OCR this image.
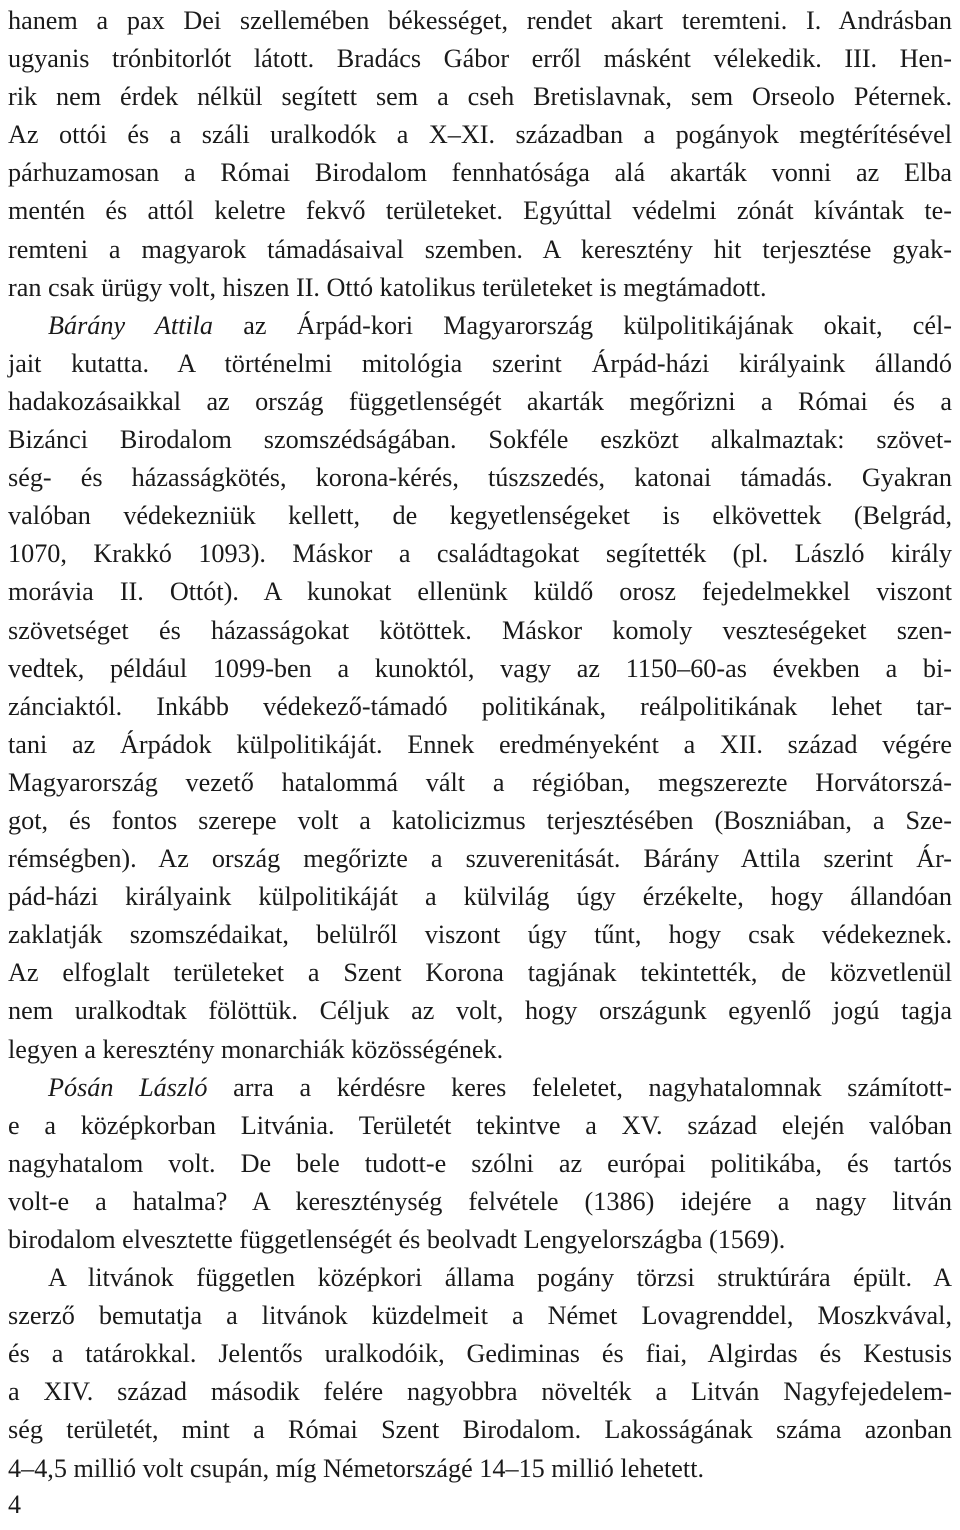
hanem a pax Dei szellemében békességet, rendet akart teremteni. I. Andrásban
ugyanis trónbitorlót látott. Bradács Gábor erről másként vélekedik. III. Hen-
rik nem érdek nélkül segített sem a cseh Bretislavnak, sem Orseolo Péternek.
Az ottói és a száli uralkodók a X–XI. században a pogányok megtérítésével
párhuzamosan a Római Birodalom fennhatósága alá akarták vonni az Elba
mentén és attól keletre fekvő területeket. Egyúttal védelmi zónát kívántak te-
remteni a magyarok támadásaival szemben. A keresztény hit terjesztése gyak-
ran csak ürügy volt, hiszen II. Ottó katolikus területeket is megtámadott.

Bárány Attila az Árpád-kori Magyarország külpolitikájának okait, cél-
jait kutatta. A történelmi mitológia szerint Árpád-házi királyaink állandó
hadakozásaikkal az ország függetlenségét akarták megőrizni a Római és a
Bizánci Birodalom szomszédságában. Sokféle eszközt alkalmaztak: szövet-
ség- és házasságkötés, korona-kérés, túszszedés, katonai támadás. Gyakran
valóban védekezniük kellett, de kegyetlenségeket is elkövettek (Belgrád,
1070, Krakkó 1093). Máskor a családtagokat segítették (pl. László király
morávia II. Ottót). A kunokat ellenünk küldő orosz fejedelmekkel viszont
szövetséget és házasságokat kötöttek. Máskor komoly veszteségeket szen-
vedtek, például 1099-ben a kunoktól, vagy az 1150–60-as években a bi-
zánciaktól. Inkább védekező-támadó politikának, reálpolitikának lehet tar-
tani az Árpádok külpolitikáját. Ennek eredményeként a XII. század végére
Magyarország vezető hatalommá vált a régióban, megszerezte Horvátorszá-
got, és fontos szerepe volt a katolicizmus terjesztésében (Boszniában, a Sze-
rémségben). Az ország megőrizte a szuverenitását. Bárány Attila szerint Ár-
pád-házi királyaink külpolitikáját a külvilág úgy érzékelte, hogy állandóan
zaklatják szomszédaikat, belülről viszont úgy tűnt, hogy csak védekeznek.
Az elfoglalt területeket a Szent Korona tagjának tekintették, de közvetlenül
nem uralkodtak fölöttük. Céljuk az volt, hogy országunk egyenlő jogú tagja
legyen a keresztény monarchiák közösségének.

Pósán László arra a kérdésre keres feleletet, nagyhatalomnak számított-
e a középkorban Litvánia. Területét tekintve a XV. század elején valóban
nagyhatalom volt. De bele tudott-e szólni az európai politikába, és tartós
volt-e a hatalma? A kereszténység felvétele (1386) idejére a nagy litván
birodalom elvesztette függetlenségét és beolvadt Lengyelországba (1569).

A litvánok független középkori állama pogány törzsi struktúrára épült. A
szerző bemutatja a litvánok küzdelmeit a Német Lovagrenddel, Moszkvával,
és a tatárokkal. Jelentős uralkodóik, Gediminas és fiai, Algirdas és Kestusis
a XIV. század második felére nagyobbra növelték a Litván Nagyfejedelem-
ség területét, mint a Római Szent Birodalom. Lakosságának száma azonban
4–4,5 millió volt csupán, míg Németországé 14–15 millió lehetett.

4
